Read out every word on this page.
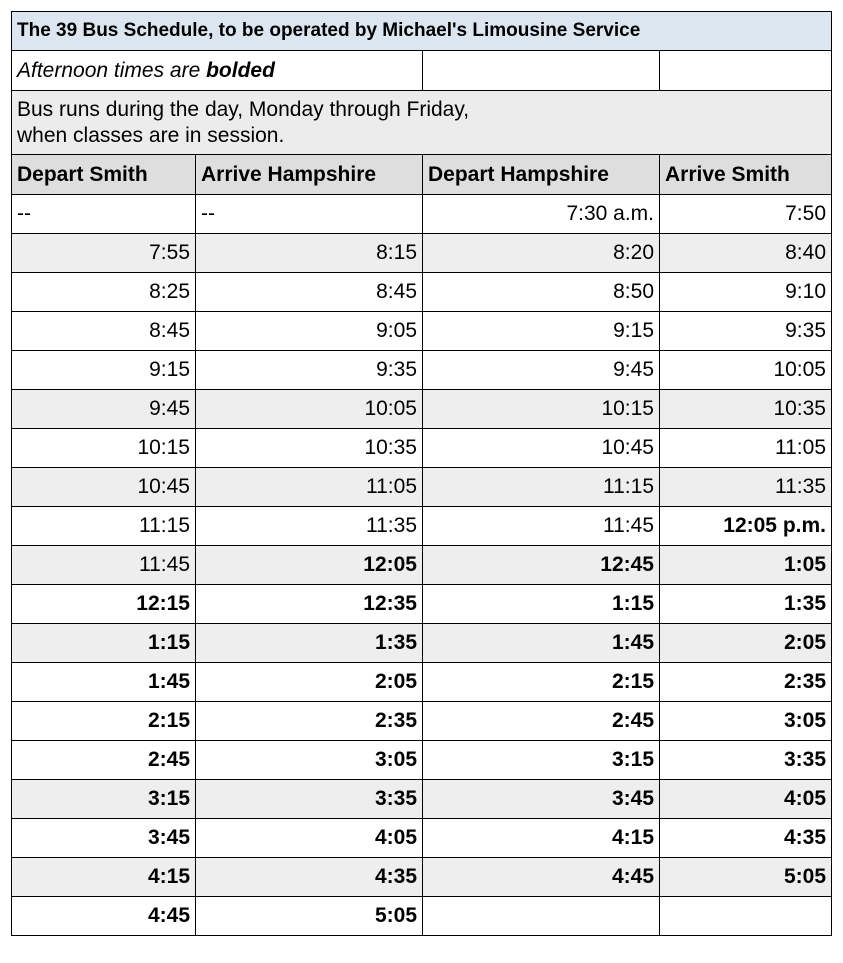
The 39 Bus Schedule, to be operated by Michael's Limousine Service			
Afternoon times are bolded			
Bus runs during the day, Monday through Friday,
when classes are in session.			
Depart Smith	Arrive Hampshire	Depart Hampshire	Arrive Smith
--	--	7:30 a.m.	7:50
7:55	8:15	8:20	8:40
8:25	8:45	8:50	9:10
8:45	9:05	9:15	9:35
9:15	9:35	9:45	10:05
9:45	10:05	10:15	10:35
10:15	10:35	10:45	11:05
10:45	11:05	11:15	11:35
11:15	11:35	11:45	12:05 p.m.
11:45	12:05	12:45	1:05
12:15	12:35	1:15	1:35
1:15	1:35	1:45	2:05
1:45	2:05	2:15	2:35
2:15	2:35	2:45	3:05
2:45	3:05	3:15	3:35
3:15	3:35	3:45	4:05
3:45	4:05	4:15	4:35
4:15	4:35	4:45	5:05
4:45	5:05		
